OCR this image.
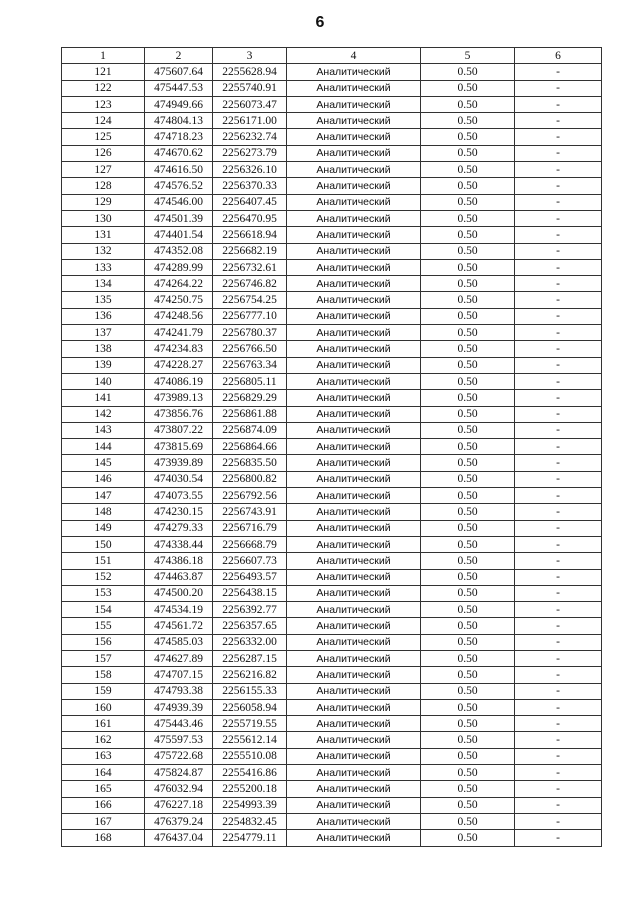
6
1	2	3	4	5	6
121	475607.64	2255628.94	Аналитический	0.50	-
122	475447.53	2255740.91	Аналитический	0.50	-
123	474949.66	2256073.47	Аналитический	0.50	-
124	474804.13	2256171.00	Аналитический	0.50	-
125	474718.23	2256232.74	Аналитический	0.50	-
126	474670.62	2256273.79	Аналитический	0.50	-
127	474616.50	2256326.10	Аналитический	0.50	-
128	474576.52	2256370.33	Аналитический	0.50	-
129	474546.00	2256407.45	Аналитический	0.50	-
130	474501.39	2256470.95	Аналитический	0.50	-
131	474401.54	2256618.94	Аналитический	0.50	-
132	474352.08	2256682.19	Аналитический	0.50	-
133	474289.99	2256732.61	Аналитический	0.50	-
134	474264.22	2256746.82	Аналитический	0.50	-
135	474250.75	2256754.25	Аналитический	0.50	-
136	474248.56	2256777.10	Аналитический	0.50	-
137	474241.79	2256780.37	Аналитический	0.50	-
138	474234.83	2256766.50	Аналитический	0.50	-
139	474228.27	2256763.34	Аналитический	0.50	-
140	474086.19	2256805.11	Аналитический	0.50	-
141	473989.13	2256829.29	Аналитический	0.50	-
142	473856.76	2256861.88	Аналитический	0.50	-
143	473807.22	2256874.09	Аналитический	0.50	-
144	473815.69	2256864.66	Аналитический	0.50	-
145	473939.89	2256835.50	Аналитический	0.50	-
146	474030.54	2256800.82	Аналитический	0.50	-
147	474073.55	2256792.56	Аналитический	0.50	-
148	474230.15	2256743.91	Аналитический	0.50	-
149	474279.33	2256716.79	Аналитический	0.50	-
150	474338.44	2256668.79	Аналитический	0.50	-
151	474386.18	2256607.73	Аналитический	0.50	-
152	474463.87	2256493.57	Аналитический	0.50	-
153	474500.20	2256438.15	Аналитический	0.50	-
154	474534.19	2256392.77	Аналитический	0.50	-
155	474561.72	2256357.65	Аналитический	0.50	-
156	474585.03	2256332.00	Аналитический	0.50	-
157	474627.89	2256287.15	Аналитический	0.50	-
158	474707.15	2256216.82	Аналитический	0.50	-
159	474793.38	2256155.33	Аналитический	0.50	-
160	474939.39	2256058.94	Аналитический	0.50	-
161	475443.46	2255719.55	Аналитический	0.50	-
162	475597.53	2255612.14	Аналитический	0.50	-
163	475722.68	2255510.08	Аналитический	0.50	-
164	475824.87	2255416.86	Аналитический	0.50	-
165	476032.94	2255200.18	Аналитический	0.50	-
166	476227.18	2254993.39	Аналитический	0.50	-
167	476379.24	2254832.45	Аналитический	0.50	-
168	476437.04	2254779.11	Аналитический	0.50	-
